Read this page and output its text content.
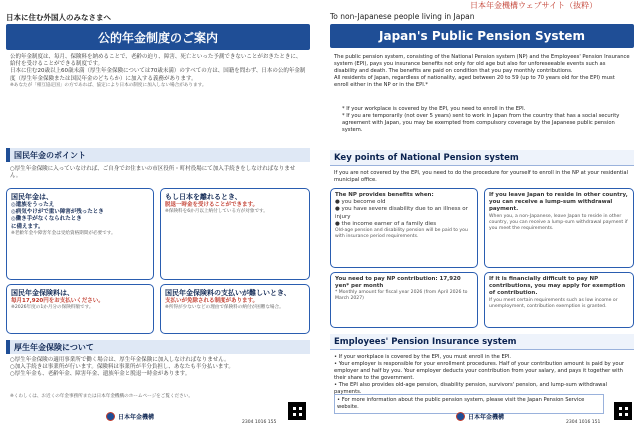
日本年金機構ウェブサイト（抜粋）
日本に住む外国人のみなさまへ
公的年金制度のご案内

公的年金制度は、毎月、保険料を納めることで、老齢の迫り、障害、死亡といった予測できないことがおきたときに、給付を受けることができる制度です。

日本に住む20歳以上60歳未満（厚生年金保険については70歳未満）のすべての方は、国籍を問わず、日本の公的年金制度（厚生年金保険または国民年金のどちらか）に加入する義務があります。

※あなたが「相互協定国」の方であれば、協定により日本の制度に加入しない場合があります。

国民年金のポイント
○厚生年金保険に入っていなければ、ご自身でお住まいの市区役所・町村役場にて加入手続きをしなければなりません。
国民年金は、
◎遺族をうったえ
◎病気やけがで重い障害が残ったとき
◎働き手がなくなられたとき
に備えます。
※老齢年金や障害年金は受給資格期間が必要です。
もし日本を離れるとき、
脱退一時金を受けることができます。
※保険料を6か月以上納付している方が対象です。
国民年金保険料は、
毎月17,920円をお支払いください。
※2026年度の1か月分の保険料額です。
国民年金保険料の支払いが難しいとき、
支払いが免除される制度があります。
※所得が少ないなどの理由で保険料の納付が困難な場合。
厚生年金保険について
○厚生年金保険の適用事業所で働く場合は、厚生年金保険に加入しなければなりません。
○加入手続きは事業所が行います。保険料は事業所が半分負担し、あなたも半分払います。
○厚生年金も、老齢年金、障害年金、遺族年金と脱退一時金があります。
※くわしくは、お近くの年金事務所または日本年金機構のホームページをご覧ください。
日本年金機構
2304 1016 155
To non-Japanese people living in Japan
Japan's Public Pension System

The public pension system, consisting of the National Pension system (NP) and the Employees' Pension Insurance system (EPI), pays you insurance benefits not only for old age but also for unforeseeable events such as disability and death. The benefits are paid on condition that you pay monthly contributions.

All residents of Japan, regardless of nationality, aged between 20 to 59 (up to 70 years old for the EPI) must enroll either in the NP or in the EPI.*

* If your workplace is covered by the EPI, you need to enroll in the EPI.
* If you are temporarily (not over 5 years) sent to work in Japan from the country that has a social security agreement with Japan, you may be exempted from compulsory coverage by the Japanese public pension system.
Key points of National Pension system
If you are not covered by the EPI, you need to do the procedure for yourself to enroll in the NP at your residential municipal office.
The NP provides benefits when:
● you become old
● you have severe disability due to an illness or injury
● the income earner of a family dies
Old-age pension and disability pension will be paid to you with insurance period requirements.
If you leave Japan to reside in other country, you can receive a lump-sum withdrawal payment.
When you, a non-Japanese, leave Japan to reside in other country, you can receive a lump-sum withdrawal payment if you meet the requirements.
You need to pay NP contribution: 17,920 yen* per month
* Monthly amount for fiscal year 2026 (from April 2026 to March 2027)
If it is financially difficult to pay NP contributions, you may apply for exemption of contribution.
If you meet certain requirements such as low income or unemployment, contribution exemption is granted.
Employees' Pension Insurance system
• If your workplace is covered by the EPI, you must enroll in the EPI.
• Your employer is responsible for your enrollment procedures. Half of your contribution amount is paid by your employer and half by you. Your employer deducts your contribution from your salary, and pays it together with their share to the government.
• The EPI also provides old-age pension, disability pension, survivors' pension, and lump-sum withdrawal payments.
• For more information about the public pension system, please visit the Japan Pension Service website.
日本年金機構
2304 1016 151
